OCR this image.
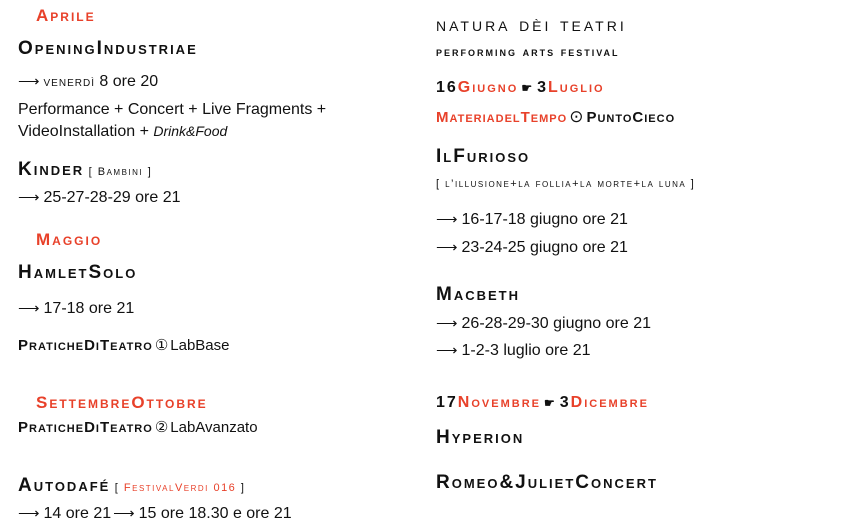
Aprile
OpeningIndustriae
⟶ venerdì 8 ore 20
Performance + Concert + Live Fragments +
VideoInstallation + Drink&Food
Kinder [ Bambini ]
⟶ 25-27-28-29 ore 21
Maggio
HamletSolo
⟶ 17-18 ore 21
PraticheDiTeatro ① LabBase
SettembreOttobre
PraticheDiTeatro ② LabAvanzato
Autodafé [ FestivalVerdi 016 ]
⟶ 14 ore 21 ⟶ 15 ore 18.30 e ore 21
natura dèi teatri
performing arts festival
16Giugno ☛ 3Luglio
MateriadelTempo ⊙ PuntoCieco
IlFurioso
[ l’illusione+la follia+la morte+la luna ]
⟶ 16-17-18 giugno ore 21
⟶ 23-24-25 giugno ore 21
Macbeth
⟶ 26-28-29-30 giugno ore 21
⟶ 1-2-3 luglio ore 21
17Novembre ☛ 3Dicembre
Hyperion
Romeo&JulietConcert
